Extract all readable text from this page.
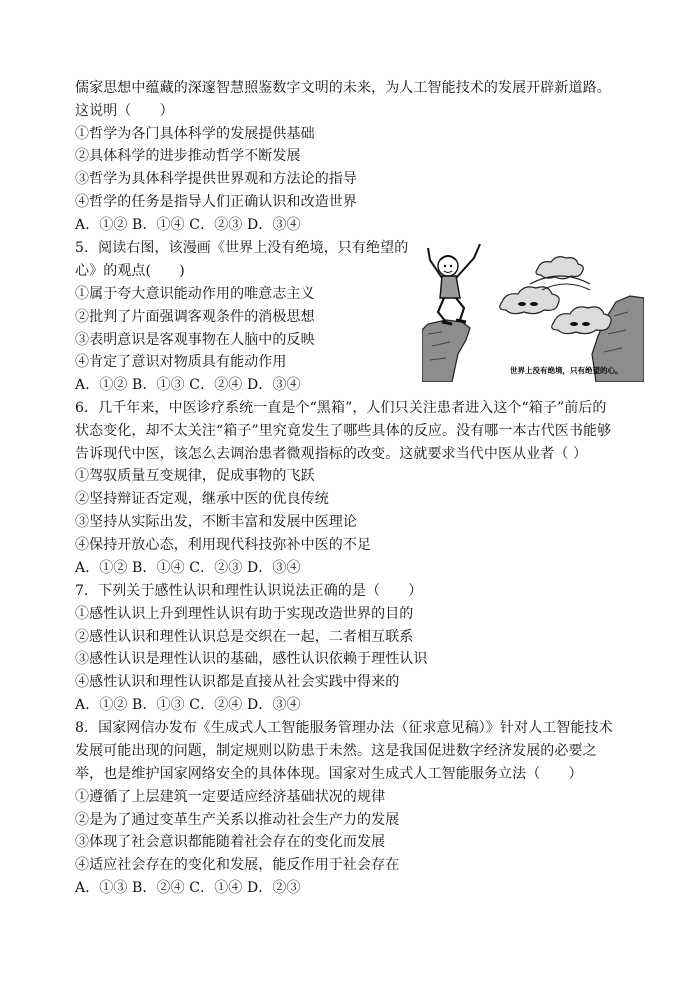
儒家思想中蕴藏的深邃智慧照鉴数字文明的未来，为人工智能技术的发展开辟新道路。
这说明（　　）
①哲学为各门具体科学的发展提供基础
②具体科学的进步推动哲学不断发展
③哲学为具体科学提供世界观和方法论的指导
④哲学的任务是指导人们正确认识和改造世界
A．①② B．①④ C．②③ D．③④
5．阅读右图，该漫画《世界上没有绝境，只有绝望的
心》的观点(　　)
①属于夸大意识能动作用的唯意志主义
②批判了片面强调客观条件的消极思想
③表明意识是客观事物在人脑中的反映
④肯定了意识对物质具有能动作用
A．①② B．①③ C．②④ D．③④
世界上没有绝境，只有绝望的心。
6．几千年来，中医诊疗系统一直是个“黑箱”，人们只关注患者进入这个“箱子”前后的
状态变化，却不太关注“箱子”里究竟发生了哪些具体的反应。没有哪一本古代医书能够
告诉现代中医，该怎么去调治患者微观指标的改变。这就要求当代中医从业者（ ）
①驾驭质量互变规律，促成事物的飞跃
②坚持辩证否定观，继承中医的优良传统
③坚持从实际出发，不断丰富和发展中医理论
④保持开放心态，利用现代科技弥补中医的不足
A．①② B．①④ C．②③ D．③④
7．下列关于感性认识和理性认识说法正确的是（　　）
①感性认识上升到理性认识有助于实现改造世界的目的
②感性认识和理性认识总是交织在一起，二者相互联系
③感性认识是理性认识的基础，感性认识依赖于理性认识
④感性认识和理性认识都是直接从社会实践中得来的
A．①② B．①③ C．②④ D．③④
8．国家网信办发布《生成式人工智能服务管理办法（征求意见稿）》针对人工智能技术
发展可能出现的问题，制定规则以防患于未然。这是我国促进数字经济发展的必要之
举，也是维护国家网络安全的具体体现。国家对生成式人工智能服务立法（　　）
①遵循了上层建筑一定要适应经济基础状况的规律
②是为了通过变革生产关系以推动社会生产力的发展
③体现了社会意识都能随着社会存在的变化而发展
④适应社会存在的变化和发展，能反作用于社会存在
A．①③ B．②④ C．①④ D．②③
